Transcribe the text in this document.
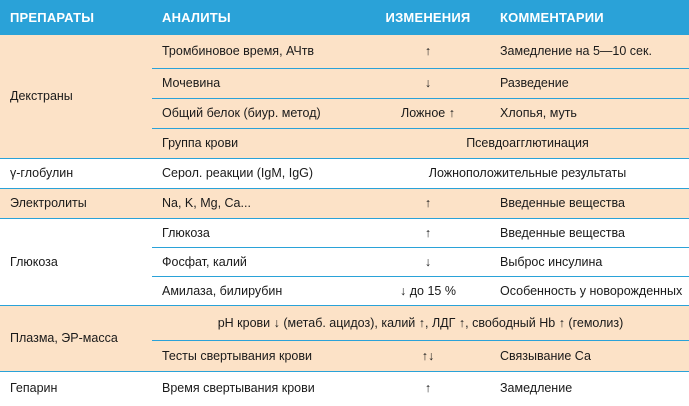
ПРЕПАРАТЫ	АНАЛИТЫ	ИЗМЕНЕНИЯ	КОММЕНТАРИИ
Декстраны	Тромбиновое время, АЧтв	↑	Замедление на 5—10 сек.
	Мочевина	↓	Разведение
	Общий белок (биур. метод)	Ложное ↑	Хлопья, муть
	Группа крови	Псевдоагглютинация	
γ-глобулин	Серол. реакции (IgM, IgG)	Ложноположительные результаты	
Электролиты	Na, K, Mg, Ca...	↑	Введенные вещества
Глюкоза	Глюкоза	↑	Введенные вещества
	Фосфат, калий	↓	Выброс инсулина
	Амилаза, билирубин	↓ до 15 %	Особенность у новорожденных
Плазма, ЭР-масса	pH крови ↓ (метаб. ацидоз), калий ↑, ЛДГ ↑, свободный Hb ↑ (гемолиз)		
	Тесты свертывания крови	↑↓	Связывание Са
Гепарин	Время свертывания крови	↑	Замедление
